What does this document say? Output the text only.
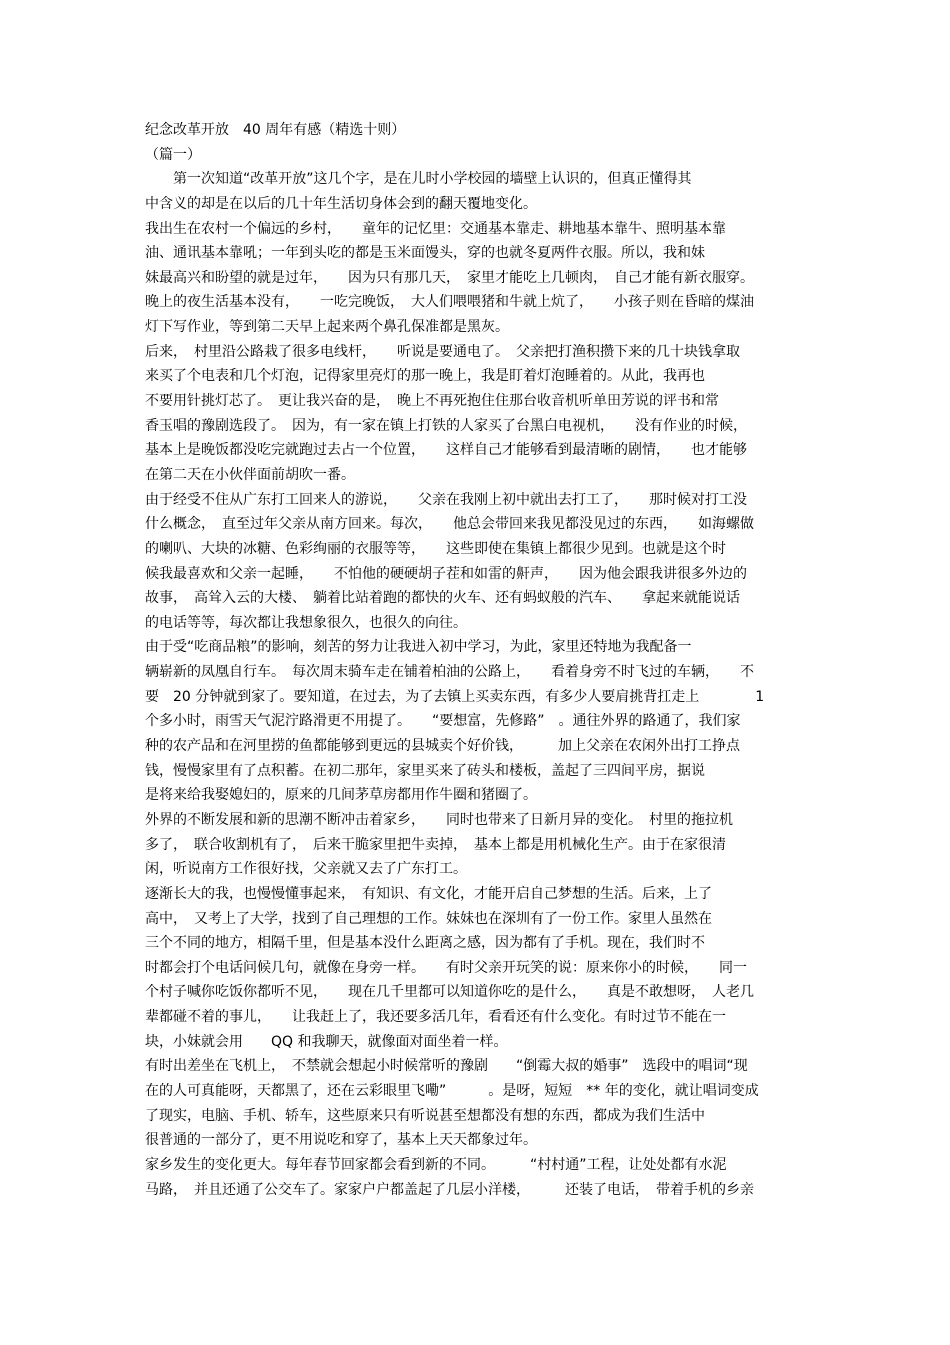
纪念改革开放　40 周年有感（精选十则）
（篇一）
第一次知道“改革开放”这几个字，是在儿时小学校园的墙壁上认识的，但真正懂得其
中含义的却是在以后的几十年生活切身体会到的翻天覆地变化。
我出生在农村一个偏远的乡村，　　童年的记忆里：交通基本靠走、耕地基本靠牛、照明基本靠
油、通讯基本靠吼；一年到头吃的都是玉米面馒头，穿的也就冬夏两件衣服。所以，我和妹
妹最高兴和盼望的就是过年，　　因为只有那几天，　家里才能吃上几顿肉，　自己才能有新衣服穿。
晚上的夜生活基本没有，　　一吃完晚饭，　大人们喂喂猪和牛就上炕了，　　小孩子则在昏暗的煤油
灯下写作业，等到第二天早上起来两个鼻孔保准都是黑灰。
后来，　村里沿公路栽了很多电线杆，　　听说是要通电了。　父亲把打渔积攒下来的几十块钱拿取
来买了个电表和几个灯泡，记得家里亮灯的那一晚上，我是盯着灯泡睡着的。从此，我再也
不要用针挑灯芯了。　更让我兴奋的是，　晚上不再死抱住住那台收音机听单田芳说的评书和常
香玉唱的豫剧选段了。　因为，有一家在镇上打铁的人家买了台黑白电视机，　　没有作业的时候，
基本上是晚饭都没吃完就跑过去占一个位置，　　这样自己才能够看到最清晰的剧情，　　也才能够
在第二天在小伙伴面前胡吹一番。
由于经受不住从广东打工回来人的游说，　　父亲在我刚上初中就出去打工了，　　那时候对打工没
什么概念，　直至过年父亲从南方回来。每次，　　他总会带回来我见都没见过的东西，　　如海螺做
的喇叭、大块的冰糖、色彩绚丽的衣服等等，　　这些即使在集镇上都很少见到。也就是这个时
候我最喜欢和父亲一起睡，　　不怕他的硬硬胡子茬和如雷的鼾声，　　因为他会跟我讲很多外边的
故事，　高耸入云的大楼、　躺着比站着跑的都快的火车、还有蚂蚁般的汽车、　　拿起来就能说话
的电话等等，每次都让我想象很久，也很久的向往。
由于受“吃商品粮”的影响，刻苦的努力让我进入初中学习，为此，家里还特地为我配备一
辆崭新的凤凰自行车。　每次周末骑车走在铺着柏油的公路上，　　看着身旁不时飞过的车辆，　　不
要　20 分钟就到家了。要知道，在过去，为了去镇上买卖东西，有多少人要肩挑背扛走上　　　　1
个多小时，雨雪天气泥泞路滑更不用提了。　　“要想富，先修路”　。通往外界的路通了，我们家
种的农产品和在河里捞的鱼都能够到更远的县城卖个好价钱，　　　加上父亲在农闲外出打工挣点
钱，慢慢家里有了点积蓄。在初二那年，家里买来了砖头和楼板，盖起了三四间平房，据说
是将来给我娶媳妇的，原来的几间茅草房都用作牛圈和猪圈了。
外界的不断发展和新的思潮不断冲击着家乡，　　同时也带来了日新月异的变化。　村里的拖拉机
多了，　联合收割机有了，　后来干脆家里把牛卖掉，　基本上都是用机械化生产。由于在家很清
闲，听说南方工作很好找，父亲就又去了广东打工。
逐渐长大的我，也慢慢懂事起来，　有知识、有文化，才能开启自己梦想的生活。后来，上了
高中，　又考上了大学，找到了自己理想的工作。妹妹也在深圳有了一份工作。家里人虽然在
三个不同的地方，相隔千里，但是基本没什么距离之感，因为都有了手机。现在，我们时不
时都会打个电话问候几句，就像在身旁一样。　　有时父亲开玩笑的说：原来你小的时候，　　同一
个村子喊你吃饭你都听不见，　　现在几千里都可以知道你吃的是什么，　　真是不敢想呀，　人老几
辈都碰不着的事儿，　　让我赶上了，我还要多活几年，看看还有什么变化。有时过节不能在一
块，小妹就会用　　QQ 和我聊天，就像面对面坐着一样。
有时出差坐在飞机上，　不禁就会想起小时候常听的豫剧　　“倒霉大叔的婚事”　选段中的唱词“现
在的人可真能呀，天都黑了，还在云彩眼里飞嘞”　　　。是呀，短短　** 年的变化，就让唱词变成
了现实，电脑、手机、轿车，这些原来只有听说甚至想都没有想的东西，都成为我们生活中
很普通的一部分了，更不用说吃和穿了，基本上天天都象过年。
家乡发生的变化更大。每年春节回家都会看到新的不同。　　　“村村通”工程，让处处都有水泥
马路，　并且还通了公交车了。家家户户都盖起了几层小洋楼，　　　还装了电话，　带着手机的乡亲
